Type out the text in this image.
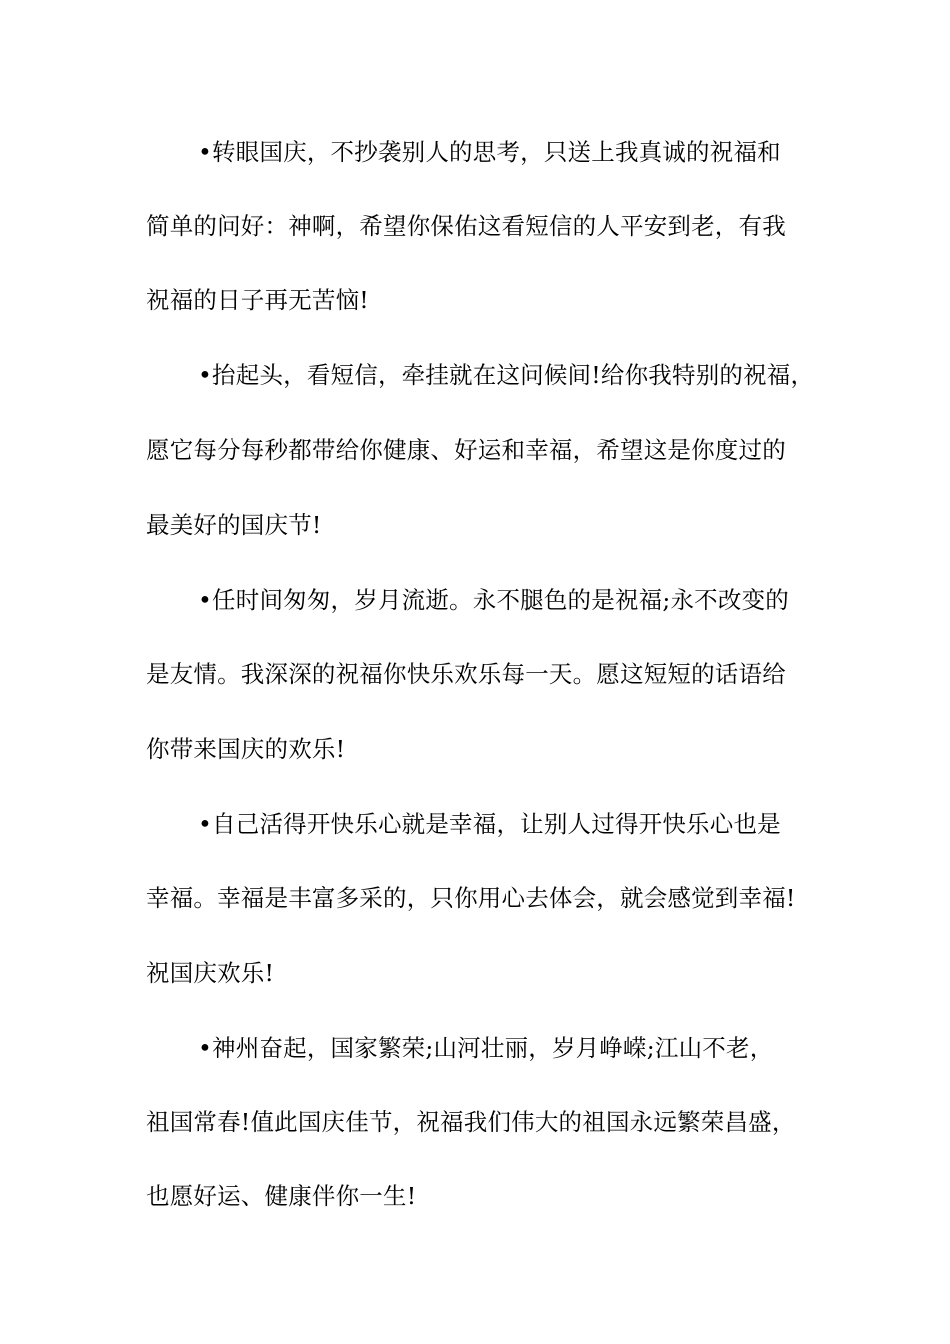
•转眼国庆，不抄袭别人的思考，只送上我真诚的祝福和
简单的问好：神啊，希望你保佑这看短信的人平安到老，有我
祝福的日子再无苦恼!
•抬起头，看短信，牵挂就在这问候间!给你我特别的祝福，
愿它每分每秒都带给你健康、好运和幸福，希望这是你度过的
最美好的国庆节!
•任时间匆匆，岁月流逝。永不腿色的是祝福;永不改变的
是友情。我深深的祝福你快乐欢乐每一天。愿这短短的话语给
你带来国庆的欢乐!
•自己活得开快乐心就是幸福，让别人过得开快乐心也是
幸福。幸福是丰富多采的，只你用心去体会，就会感觉到幸福!
祝国庆欢乐!
•神州奋起，国家繁荣;山河壮丽，岁月峥嵘;江山不老，
祖国常春!值此国庆佳节，祝福我们伟大的祖国永远繁荣昌盛，
也愿好运、健康伴你一生!
